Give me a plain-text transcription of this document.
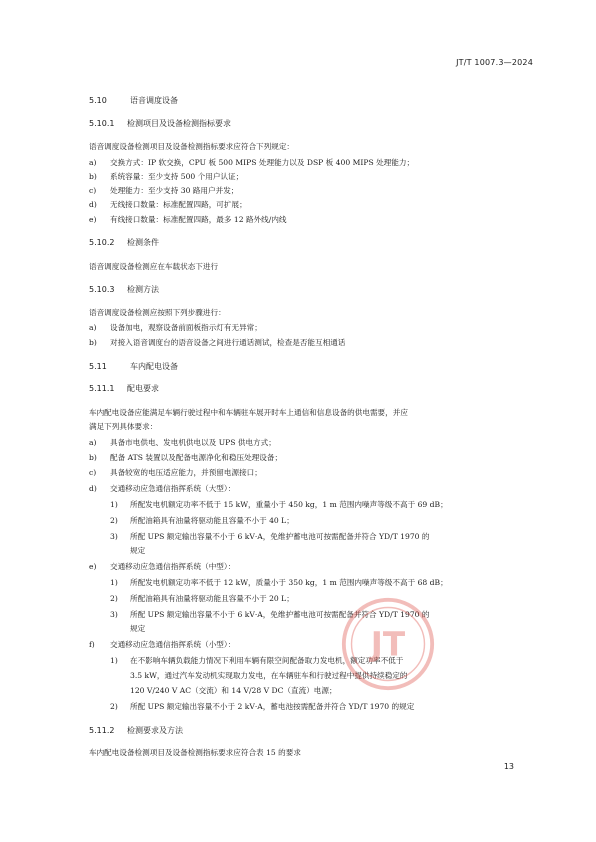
JT/T 1007.3—2024
5.10	语音调度设备
5.10.1 检测项目及设备检测指标要求
语音调度设备检测项目及设备检测指标要求应符合下列规定：
a) 交换方式：IP 软交换，CPU 板 500 MIPS 处理能力以及 DSP 板 400 MIPS 处理能力；
b) 系统容量：至少支持 500 个用户认证；
c) 处理能力：至少支持 30 路用户并发；
d) 无线接口数量：标准配置四路，可扩展；
e) 有线接口数量：标准配置四路，最多 12 路外线/内线
5.10.2 检测条件
语音调度设备检测应在车载状态下进行
5.10.3 检测方法
语音调度设备检测应按照下列步骤进行：
a) 设备加电，观察设备前面板指示灯有无异常；
b) 对接入语音调度台的语音设备之间进行通话测试，检查是否能互相通话
5.11	车内配电设备
5.11.1 配电要求
车内配电设备应能满足车辆行驶过程中和车辆驻车展开时车上通信和信息设备的供电需要，并应
满足下列具体要求：
a) 具备市电供电、发电机供电以及 UPS 供电方式；
b) 配备 ATS 装置以及配备电源净化和稳压处理设备；
c) 具备较宽的电压适应能力，并预留电源接口；
d) 交通移动应急通信指挥系统（大型）：
1) 所配发电机额定功率不低于 15 kW，重量小于 450 kg，1 m 范围内噪声等级不高于 69 dB；
2) 所配油箱具有油量将驱动能且容量不小于 40 L；
3) 所配 UPS 额定输出容量不小于 6 kV·A，免维护蓄电池可按需配备并符合 YD/T 1970 的
规定
e) 交通移动应急通信指挥系统（中型）：
1) 所配发电机额定功率不低于 12 kW，质量小于 350 kg，1 m 范围内噪声等级不高于 68 dB；
2) 所配油箱具有油量将驱动能且容量不小于 20 L；
3) 所配 UPS 额定输出容量不小于 6 kV·A，免维护蓄电池可按需配备并符合 YD/T 1970 的
规定
f) 交通移动应急通信指挥系统（小型）：
1) 在不影响车辆负载能力情况下利用车辆有限空间配备取力发电机，额定功率不低于
3.5 kW，通过汽车发动机实现取力发电，在车辆驻车和行驶过程中提供持续稳定的
120 V/240 V AC（交流）和 14 V/28 V DC（直流）电源；
2) 所配 UPS 额定输出容量不小于 2 kV·A，蓄电池按需配备并符合 YD/T 1970 的规定
5.11.2 检测要求及方法
车内配电设备检测项目及设备检测指标要求应符合表 15 的要求
13
JT
